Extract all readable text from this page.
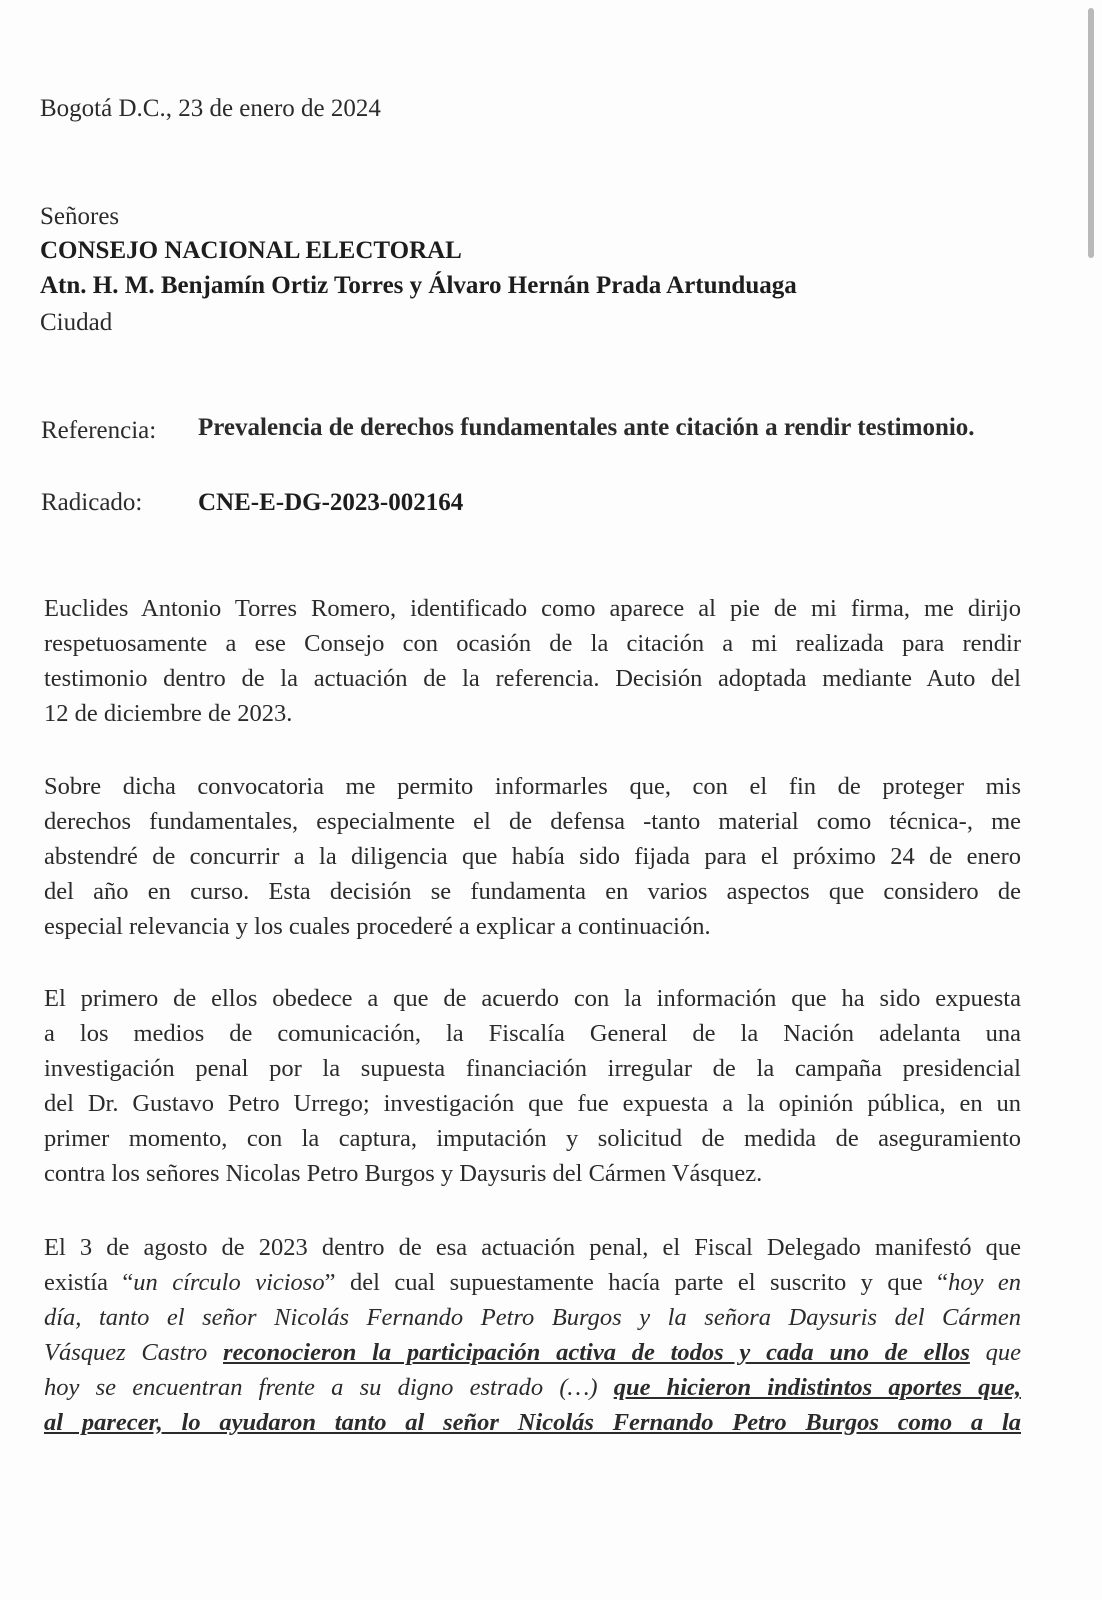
Bogotá D.C., 23 de enero de 2024
Señores
CONSEJO NACIONAL ELECTORAL
Atn. H. M. Benjamín Ortiz Torres y Álvaro Hernán Prada Artunduaga
Ciudad
Referencia: Prevalencia de derechos fundamentales ante citación a rendir testimonio.
Radicado: CNE-E-DG-2023-002164
Euclides Antonio Torres Romero, identificado como aparece al pie de mi firma, me dirijo
respetuosamente a ese Consejo con ocasión de la citación a mi realizada para rendir
testimonio dentro de la actuación de la referencia. Decisión adoptada mediante Auto del
12 de diciembre de 2023.
Sobre dicha convocatoria me permito informarles que, con el fin de proteger mis
derechos fundamentales, especialmente el de defensa -tanto material como técnica-, me
abstendré de concurrir a la diligencia que había sido fijada para el próximo 24 de enero
del año en curso. Esta decisión se fundamenta en varios aspectos que considero de
especial relevancia y los cuales procederé a explicar a continuación.
El primero de ellos obedece a que de acuerdo con la información que ha sido expuesta
a los medios de comunicación, la Fiscalía General de la Nación adelanta una
investigación penal por la supuesta financiación irregular de la campaña presidencial
del Dr. Gustavo Petro Urrego; investigación que fue expuesta a la opinión pública, en un
primer momento, con la captura, imputación y solicitud de medida de aseguramiento
contra los señores Nicolas Petro Burgos y Daysuris del Cármen Vásquez.
El 3 de agosto de 2023 dentro de esa actuación penal, el Fiscal Delegado manifestó que
existía “un círculo vicioso” del cual supuestamente hacía parte el suscrito y que “hoy en
día, tanto el señor Nicolás Fernando Petro Burgos y la señora Daysuris del Cármen
Vásquez Castro reconocieron la participación activa de todos y cada uno de ellos que
hoy se encuentran frente a su digno estrado (…) que hicieron indistintos aportes que,
al parecer, lo ayudaron tanto al señor Nicolás Fernando Petro Burgos como a la
